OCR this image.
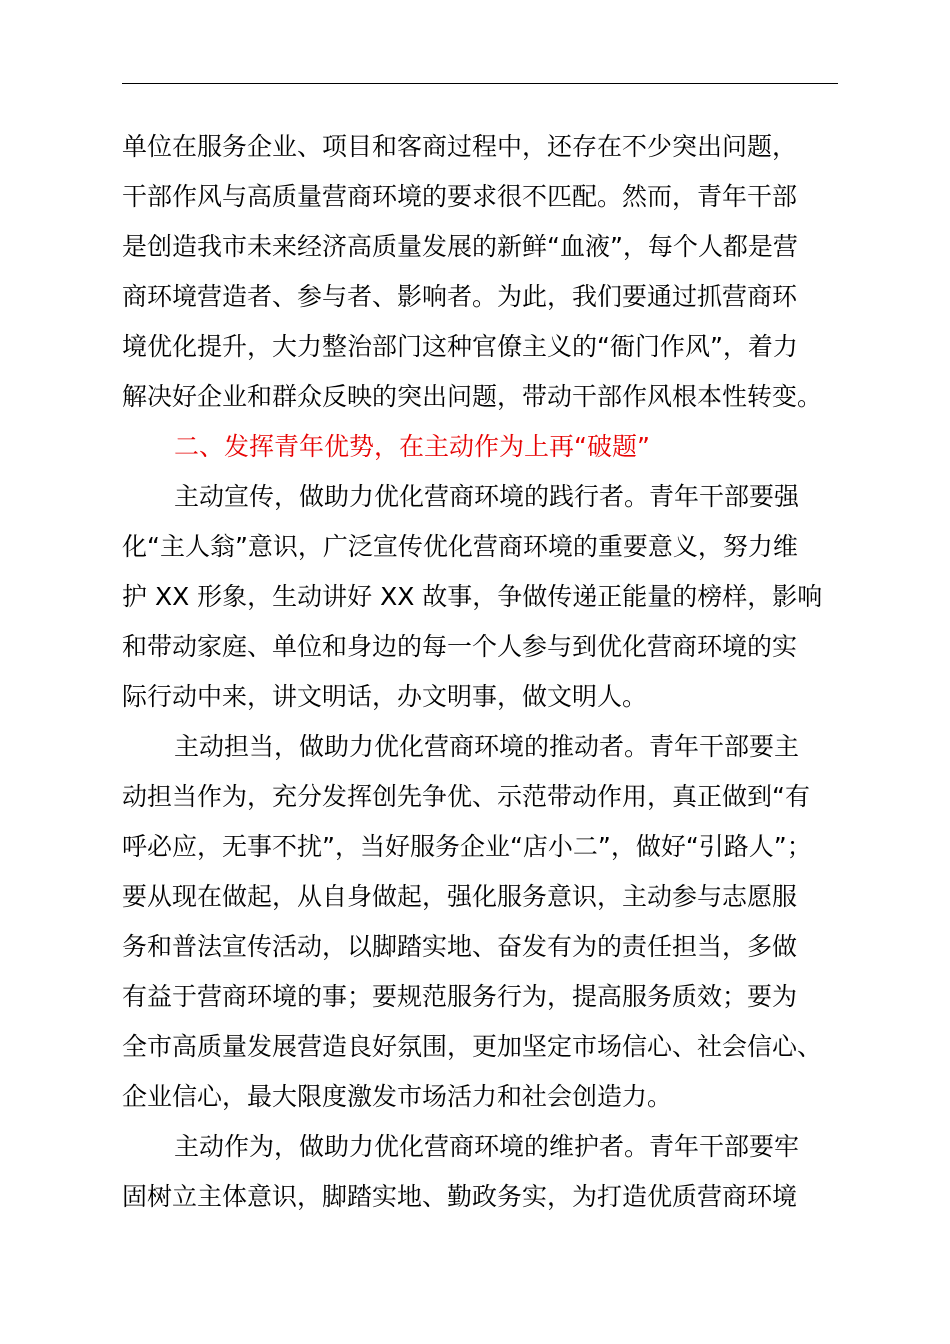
单位在服务企业、项目和客商过程中，还存在不少突出问题，
干部作风与高质量营商环境的要求很不匹配。然而，青年干部
是创造我市未来经济高质量发展的新鲜“血液”，每个人都是营
商环境营造者、参与者、影响者。为此，我们要通过抓营商环
境优化提升，大力整治部门这种官僚主义的“衙门作风”，着力
解决好企业和群众反映的突出问题，带动干部作风根本性转变。
二、发挥青年优势，在主动作为上再“破题”
主动宣传，做助力优化营商环境的践行者。青年干部要强
化“主人翁”意识，广泛宣传优化营商环境的重要意义，努力维
护 XX 形象，生动讲好 XX 故事，争做传递正能量的榜样，影响
和带动家庭、单位和身边的每一个人参与到优化营商环境的实
际行动中来，讲文明话，办文明事，做文明人。
主动担当，做助力优化营商环境的推动者。青年干部要主
动担当作为，充分发挥创先争优、示范带动作用，真正做到“有
呼必应，无事不扰”，当好服务企业“店小二”，做好“引路人”；
要从现在做起，从自身做起，强化服务意识，主动参与志愿服
务和普法宣传活动，以脚踏实地、奋发有为的责任担当，多做
有益于营商环境的事；要规范服务行为，提高服务质效；要为
全市高质量发展营造良好氛围，更加坚定市场信心、社会信心、
企业信心，最大限度激发市场活力和社会创造力。
主动作为，做助力优化营商环境的维护者。青年干部要牢
固树立主体意识，脚踏实地、勤政务实，为打造优质营商环境
